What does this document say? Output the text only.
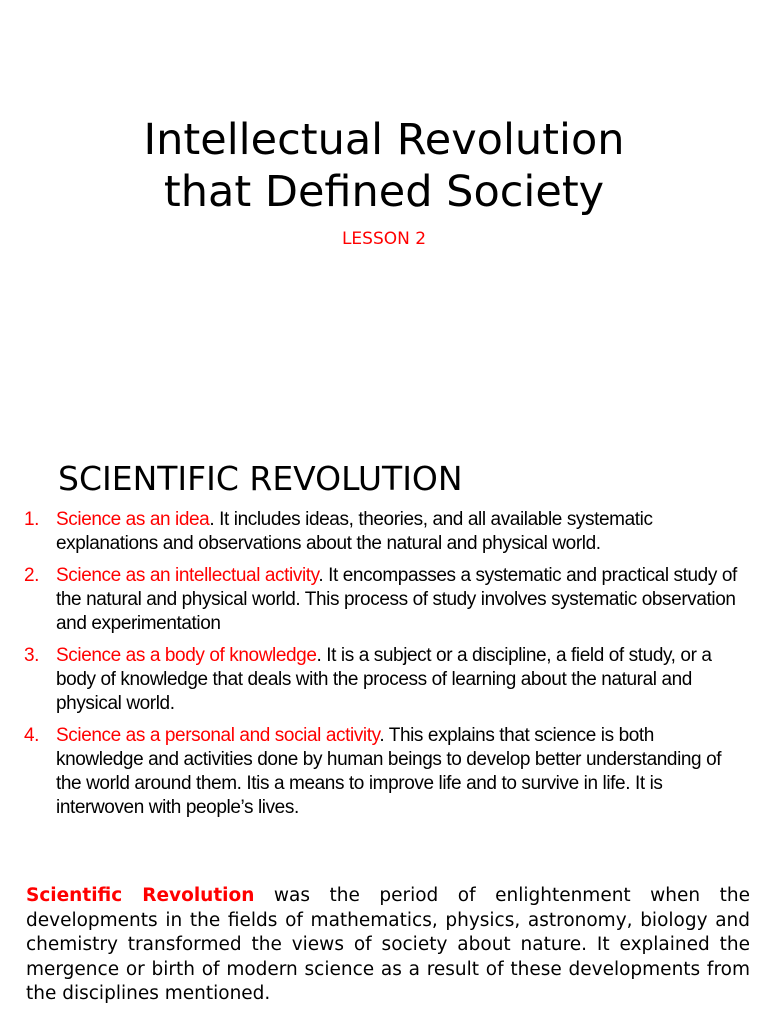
Intellectual Revolution
that Defined Society
LESSON 2
SCIENTIFIC REVOLUTION
1. Science as an idea. It includes ideas, theories, and all available systematic explanations and observations about the natural and physical world.
2. Science as an intellectual activity. It encompasses a systematic and practical study of the natural and physical world. This process of study involves systematic observation and experimentation
3. Science as a body of knowledge. It is a subject or a discipline, a field of study, or a body of knowledge that deals with the process of learning about the natural and physical world.
4. Science as a personal and social activity. This explains that science is both knowledge and activities done by human beings to develop better understanding of the world around them. Itis a means to improve life and to survive in life. It is interwoven with people’s lives.

Scientific Revolution was the period of enlightenment when the developments in the fields of mathematics, physics, astronomy, biology and chemistry transformed the views of society about nature. It explained the mergence or birth of modern science as a result of these developments from the disciplines mentioned.
